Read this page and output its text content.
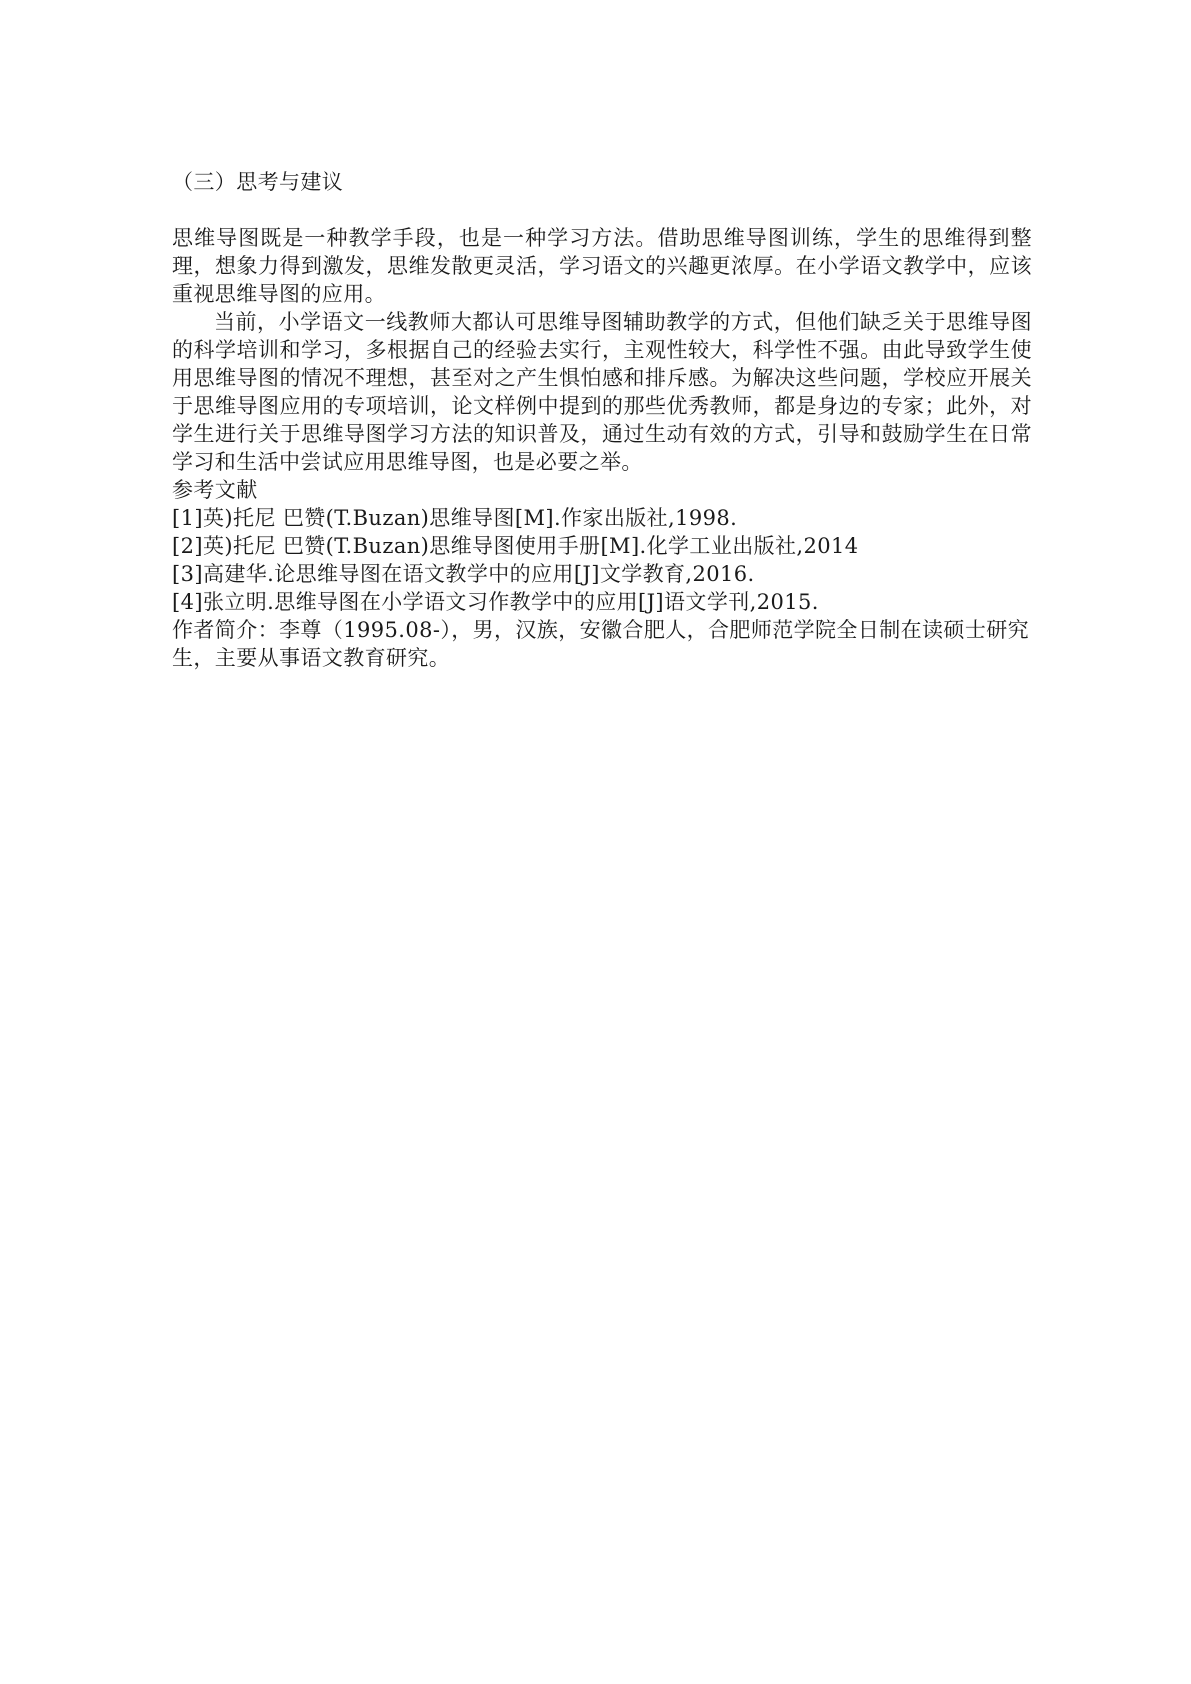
（三）思考与建议

思维导图既是一种教学手段，也是一种学习方法。借助思维导图训练，学生的思维得到整理，想象力得到激发，思维发散更灵活，学习语文的兴趣更浓厚。在小学语文教学中，应该重视思维导图的应用。

当前，小学语文一线教师大都认可思维导图辅助教学的方式，但他们缺乏关于思维导图的科学培训和学习，多根据自己的经验去实行，主观性较大，科学性不强。由此导致学生使用思维导图的情况不理想，甚至对之产生惧怕感和排斥感。为解决这些问题，学校应开展关于思维导图应用的专项培训，论文样例中提到的那些优秀教师，都是身边的专家；此外，对学生进行关于思维导图学习方法的知识普及，通过生动有效的方式，引导和鼓励学生在日常学习和生活中尝试应用思维导图，也是必要之举。

参考文献

[1]英)托尼 巴赞(T.Buzan)思维导图[M].作家出版社,1998.
[2]英)托尼 巴赞(T.Buzan)思维导图使用手册[M].化学工业出版社,2014
[3]高建华.论思维导图在语文教学中的应用[J]文学教育,2016.
[4]张立明.思维导图在小学语文习作教学中的应用[J]语文学刊,2015.

作者简介：李尊（1995.08-），男，汉族，安徽合肥人，合肥师范学院全日制在读硕士研究生，主要从事语文教育研究。
